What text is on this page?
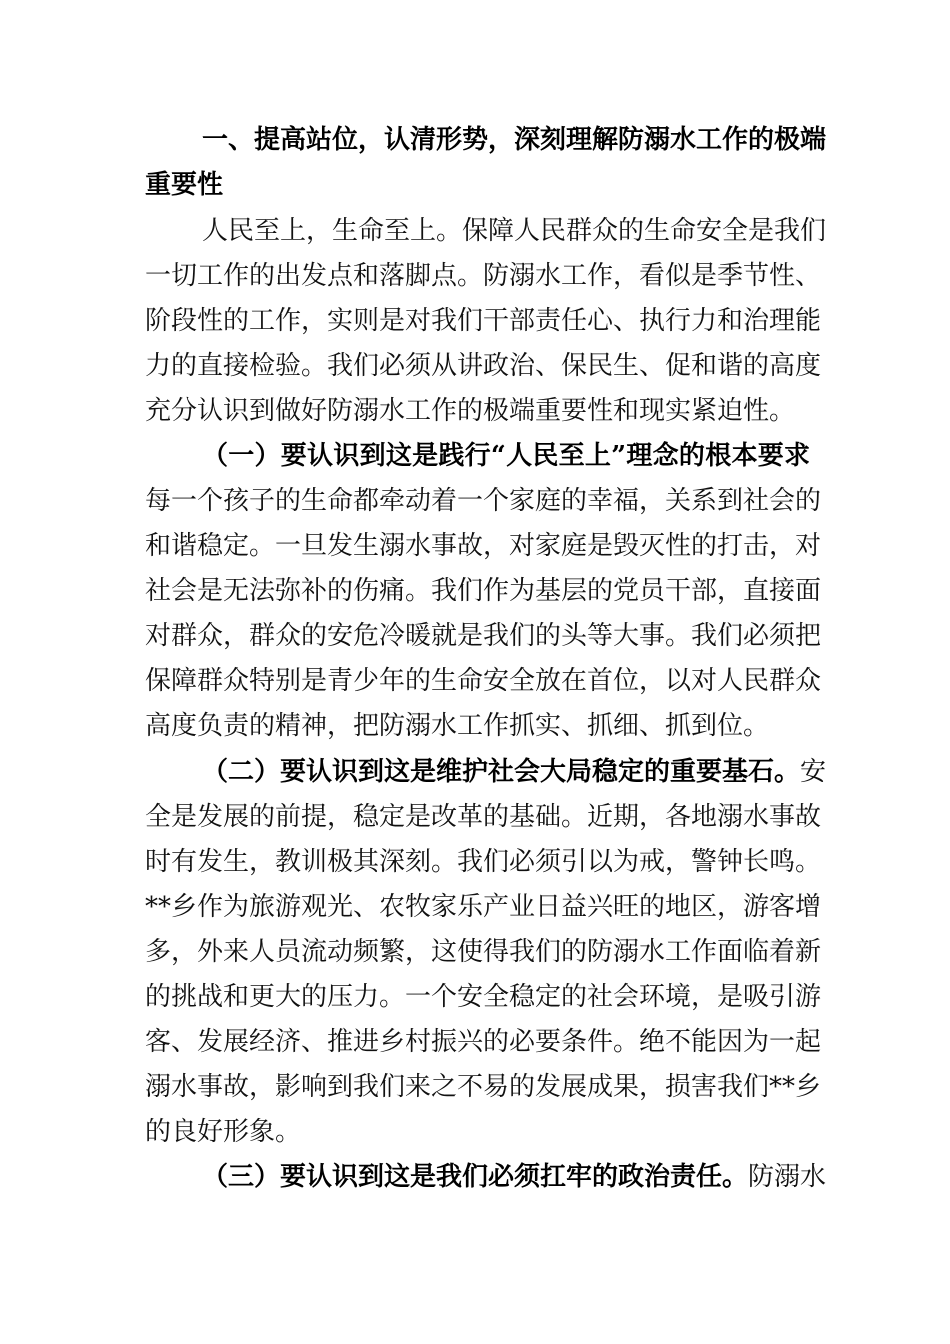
一、提高站位，认清形势，深刻理解防溺水工作的极端
重要性
人民至上，生命至上。保障人民群众的生命安全是我们
一切工作的出发点和落脚点。防溺水工作，看似是季节性、
阶段性的工作，实则是对我们干部责任心、执行力和治理能
力的直接检验。我们必须从讲政治、保民生、促和谐的高度
充分认识到做好防溺水工作的极端重要性和现实紧迫性。
（一）要认识到这是践行“人民至上”理念的根本要求
每一个孩子的生命都牵动着一个家庭的幸福，关系到社会的
和谐稳定。一旦发生溺水事故，对家庭是毁灭性的打击，对
社会是无法弥补的伤痛。我们作为基层的党员干部，直接面
对群众，群众的安危冷暖就是我们的头等大事。我们必须把
保障群众特别是青少年的生命安全放在首位，以对人民群众
高度负责的精神，把防溺水工作抓实、抓细、抓到位。
（二）要认识到这是维护社会大局稳定的重要基石。 安
全是发展的前提，稳定是改革的基础。近期，各地溺水事故
时有发生，教训极其深刻。我们必须引以为戒，警钟长鸣。
**乡作为旅游观光、农牧家乐产业日益兴旺的地区，游客增
多，外来人员流动频繁，这使得我们的防溺水工作面临着新
的挑战和更大的压力。一个安全稳定的社会环境，是吸引游
客、发展经济、推进乡村振兴的必要条件。绝不能因为一起
溺水事故，影响到我们来之不易的发展成果，损害我们**乡
的良好形象。
（三）要认识到这是我们必须扛牢的政治责任。 防溺水
